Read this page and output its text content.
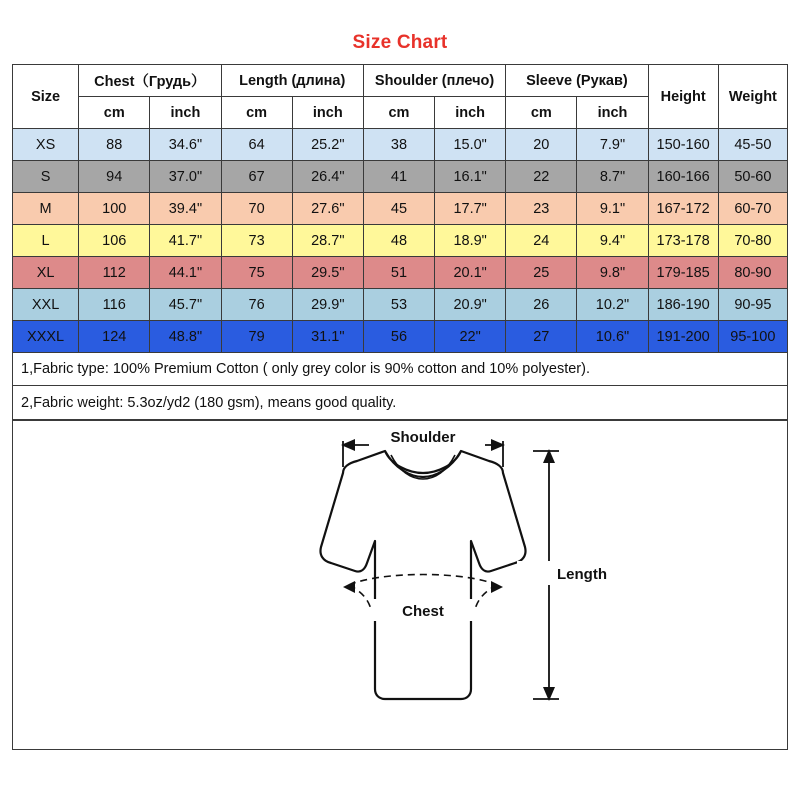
Size Chart
Size	Chest（Грудь）		Length (длина)		Shoulder (плечо)		Sleeve (Рукав)		Height	Weight
	cm	inch	cm	inch	cm	inch	cm	inch		
XS	88	34.6"	64	25.2"	38	15.0"	20	7.9"	150-160	45-50
S	94	37.0"	67	26.4"	41	16.1"	22	8.7"	160-166	50-60
M	100	39.4"	70	27.6"	45	17.7"	23	9.1"	167-172	60-70
L	106	41.7"	73	28.7"	48	18.9"	24	9.4"	173-178	70-80
XL	112	44.1"	75	29.5"	51	20.1"	25	9.8"	179-185	80-90
XXL	116	45.7"	76	29.9"	53	20.9"	26	10.2"	186-190	90-95
XXXL	124	48.8"	79	31.1"	56	22"	27	10.6"	191-200	95-100
1,Fabric type: 100% Premium Cotton ( only grey color is 90% cotton and 10% polyester).
2,Fabric weight: 5.3oz/yd2 (180 gsm), means good quality.
Chest
Shoulder
Length
